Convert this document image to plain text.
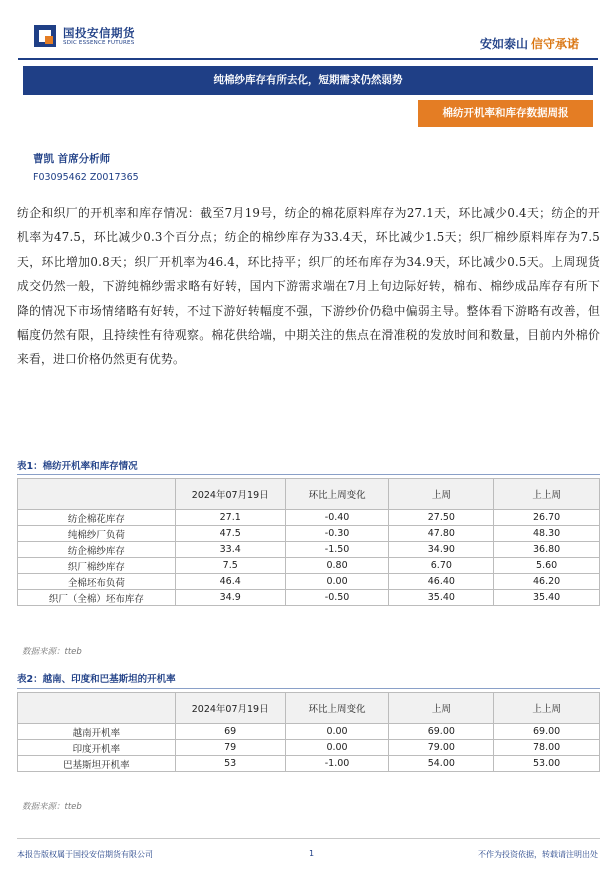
国投安信期货
SDIC ESSENCE FUTURES	安如泰山 信守承诺
纯棉纱库存有所去化，短期需求仍然弱势
棉纺开机率和库存数据周报
曹凯 首席分析师
F03095462 Z0017365
纺企和织厂的开机率和库存情况：截至7月19号，纺企的棉花原料库存为27.1天，环比减少0.4天；纺企的开机率为47.5，环比减少0.3个百分点；纺企的棉纱库存为33.4天，环比减少1.5天；织厂棉纱原料库存为7.5天，环比增加0.8天；织厂开机率为46.4，环比持平；织厂的坯布库存为34.9天，环比减少0.5天。上周现货成交仍然一般，下游纯棉纱需求略有好转，国内下游需求端在7月上旬边际好转，棉布、棉纱成品库存有所下降的情况下市场情绪略有好转，不过下游好转幅度不强，下游纱价仍稳中偏弱主导。整体看下游略有改善，但幅度仍然有限，且持续性有待观察。棉花供给端，中期关注的焦点在滑准税的发放时间和数量，目前内外棉价来看，进口价格仍然更有优势。
表1：棉纺开机率和库存情况
	2024年07月19日	环比上周变化	上周	上上周
纺企棉花库存	27.1	-0.40	27.50	26.70
纯棉纱厂负荷	47.5	-0.30	47.80	48.30
纺企棉纱库存	33.4	-1.50	34.90	36.80
织厂棉纱库存	7.5	0.80	6.70	5.60
全棉坯布负荷	46.4	0.00	46.40	46.20
织厂（全棉）坯布库存	34.9	-0.50	35.40	35.40
数据来源：tteb
表2：越南、印度和巴基斯坦的开机率
	2024年07月19日	环比上周变化	上周	上上周
越南开机率	69	0.00	69.00	69.00
印度开机率	79	0.00	79.00	78.00
巴基斯坦开机率	53	-1.00	54.00	53.00
数据来源：tteb
本报告版权属于国投安信期货有限公司	1	不作为投资依据，转载请注明出处
